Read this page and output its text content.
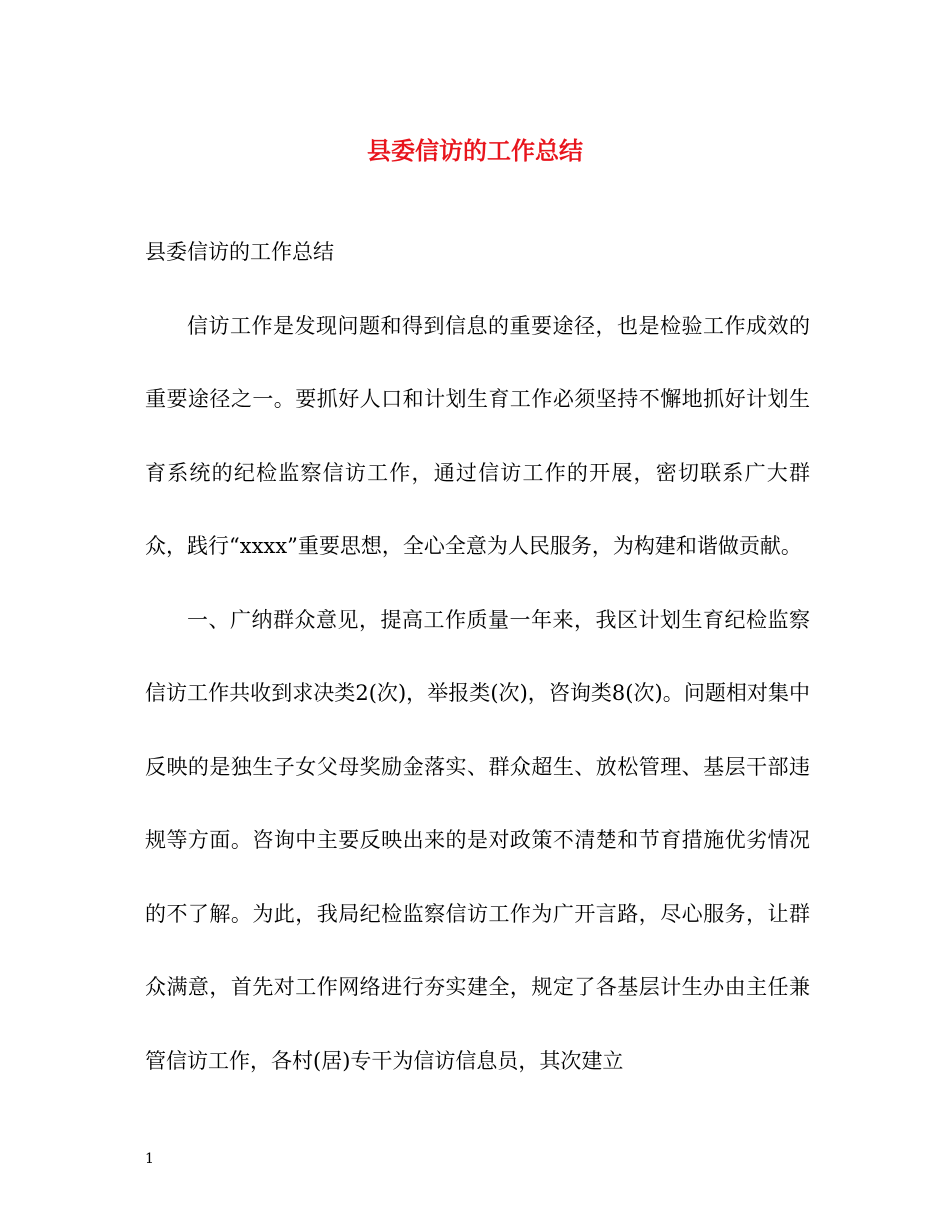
县委信访的工作总结

县委信访的工作总结

信访工作是发现问题和得到信息的重要途径，也是检验工作成效的重要途径之一。要抓好人口和计划生育工作必须坚持不懈地抓好计划生育系统的纪检监察信访工作，通过信访工作的开展，密切联系广大群众，践行“xxxx”重要思想，全心全意为人民服务，为构建和谐做贡献。

一、广纳群众意见，提高工作质量一年来，我区计划生育纪检监察信访工作共收到求决类2(次)，举报类(次)，咨询类8(次)。问题相对集中反映的是独生子女父母奖励金落实、群众超生、放松管理、基层干部违规等方面。咨询中主要反映出来的是对政策不清楚和节育措施优劣情况的不了解。为此，我局纪检监察信访工作为广开言路，尽心服务，让群众满意，首先对工作网络进行夯实建全，规定了各基层计生办由主任兼管信访工作，各村(居)专干为信访信息员，其次建立

1
